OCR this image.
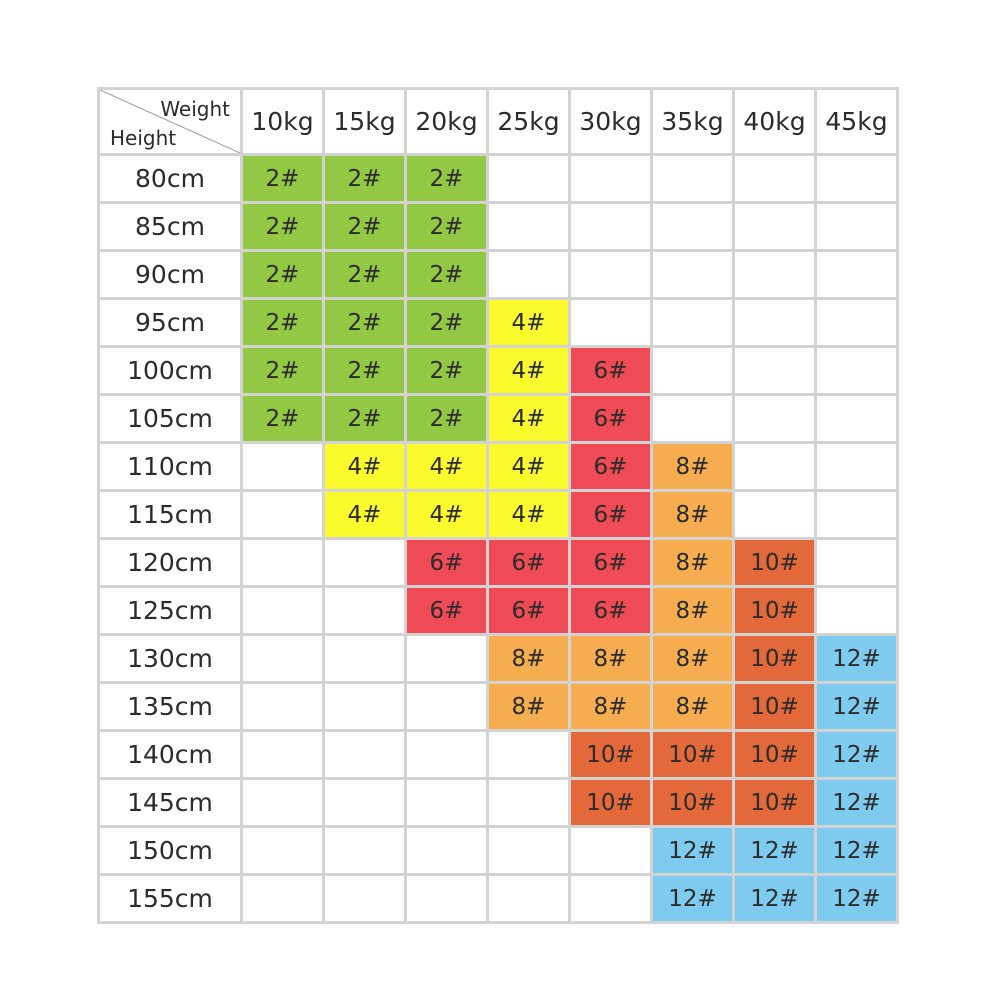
Weight
Height	10kg	15kg	20kg	25kg	30kg	35kg	40kg	45kg
80cm	2#	2#	2#					
85cm	2#	2#	2#					
90cm	2#	2#	2#					
95cm	2#	2#	2#	4#				
100cm	2#	2#	2#	4#	6#			
105cm	2#	2#	2#	4#	6#			
110cm		4#	4#	4#	6#	8#		
115cm		4#	4#	4#	6#	8#		
120cm			6#	6#	6#	8#	10#	
125cm			6#	6#	6#	8#	10#	
130cm				8#	8#	8#	10#	12#
135cm				8#	8#	8#	10#	12#
140cm					10#	10#	10#	12#
145cm					10#	10#	10#	12#
150cm						12#	12#	12#
155cm						12#	12#	12#
